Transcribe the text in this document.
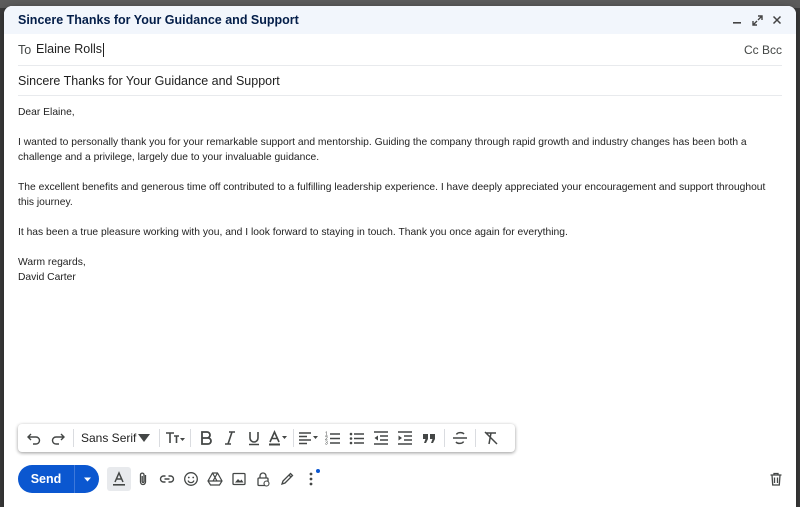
Sincere Thanks for Your Guidance and Support
To Elaine Rolls	Cc Bcc
Sincere Thanks for Your Guidance and Support

Dear Elaine,

I wanted to personally thank you for your remarkable support and mentorship. Guiding the company through rapid growth and industry changes has been both a challenge and a privilege, largely due to your invaluable guidance.

The excellent benefits and generous time off contributed to a fulfilling leadership experience. I have deeply appreciated your encouragement and support throughout this journey.

It has been a true pleasure working with you, and I look forward to staying in touch. Thank you once again for everything.

Warm regards,

David Carter

Sans Serif	1
2
3
Send
